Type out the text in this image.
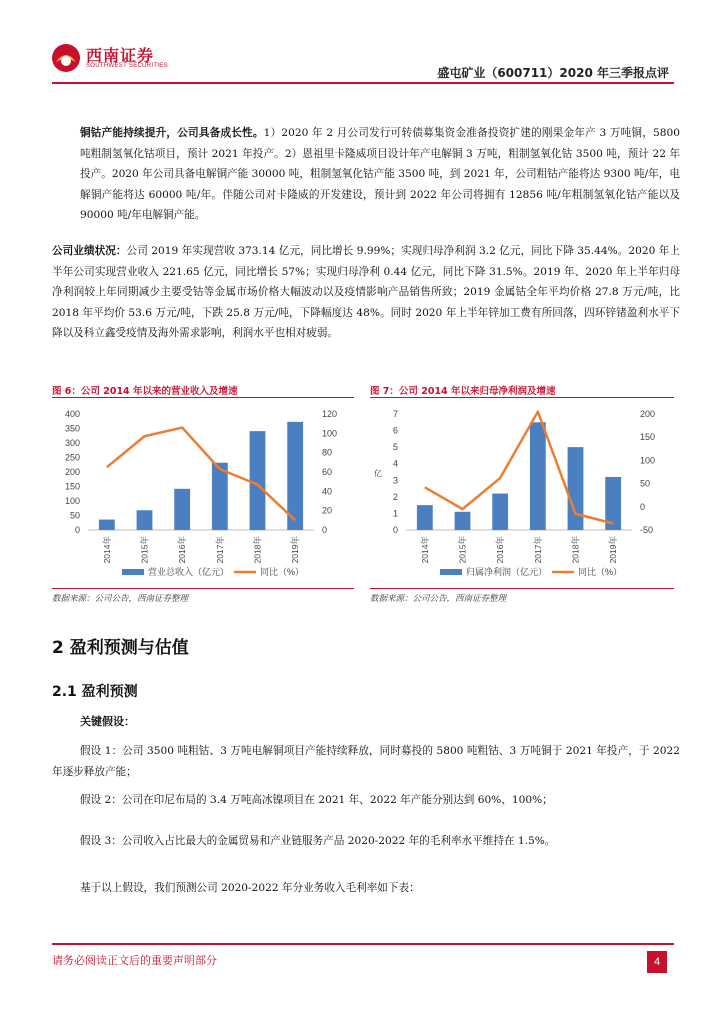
西南证券
SOUTHWEST SECURITIES	盛屯矿业（600711）2020 年三季报点评
铜钴产能持续提升，公司具备成长性。1）2020 年 2 月公司发行可转债募集资金准备投资扩建的刚果金年产 3 万吨铜，5800 吨粗制氢氧化钴项目，预计 2021 年投产。2）恩祖里卡隆威项目设计年产电解铜 3 万吨，粗制氢氧化钴 3500 吨，预计 22 年投产。2020 年公司具备电解铜产能 30000 吨，粗制氢氧化钴产能 3500 吨，到 2021 年，公司粗钴产能将达 9300 吨/年，电解铜产能将达 60000 吨/年。伴随公司对卡隆威的开发建设，预计到 2022 年公司将拥有 12856 吨/年粗制氢氧化钴产能以及 90000 吨/年电解铜产能。
公司业绩状况：公司 2019 年实现营收 373.14 亿元，同比增长 9.99%；实现归母净利润 3.2 亿元，同比下降 35.44%。2020 年上半年公司实现营业收入 221.65 亿元，同比增长 57%；实现归母净利 0.44 亿元，同比下降 31.5%。2019 年、2020 年上半年归母净利润较上年同期减少主要受钴等金属市场价格大幅波动以及疫情影响产品销售所致；2019 金属钴全年平均价格 27.8 万元/吨，比 2018 年平均价 53.6 万元/吨，下跌 25.8 万元/吨，下降幅度达 48%。同时 2020 年上半年锌加工费有所回落，四环锌锗盈利水平下降以及科立鑫受疫情及海外需求影响，利润水平也相对疲弱。
图 6：公司 2014 年以来的营业收入及增速	图 7：公司 2014 年以来归母净利润及增速
0
50
100
150
200
250
300
350
400
0
20
40
60
80
100
120
2014年	2015年	2016年	2017年	2018年	2019年
营业总收入（亿元）	同比（%）
0
1
2
3
4
5
6
7
-50
0
50
100
150
200
亿
2014年	2015年	2016年	2017年	2018年	2019年
归属净利润（亿元）	同比（%）
数据来源：公司公告，西南证券整理	数据来源：公司公告，西南证券整理
2 盈利预测与估值
2.1 盈利预测
关键假设：
假设 1：公司 3500 吨粗钴、3 万吨电解铜项目产能持续释放，同时募投的 5800 吨粗钴、3 万吨铜于 2021 年投产，于 2022 年逐步释放产能；
假设 2：公司在印尼布局的 3.4 万吨高冰镍项目在 2021 年、2022 年产能分别达到 60%、100%；
假设 3：公司收入占比最大的金属贸易和产业链服务产品 2020-2022 年的毛利率水平维持在 1.5%。
基于以上假设，我们预测公司 2020-2022 年分业务收入毛利率如下表：
请务必阅读正文后的重要声明部分	4
